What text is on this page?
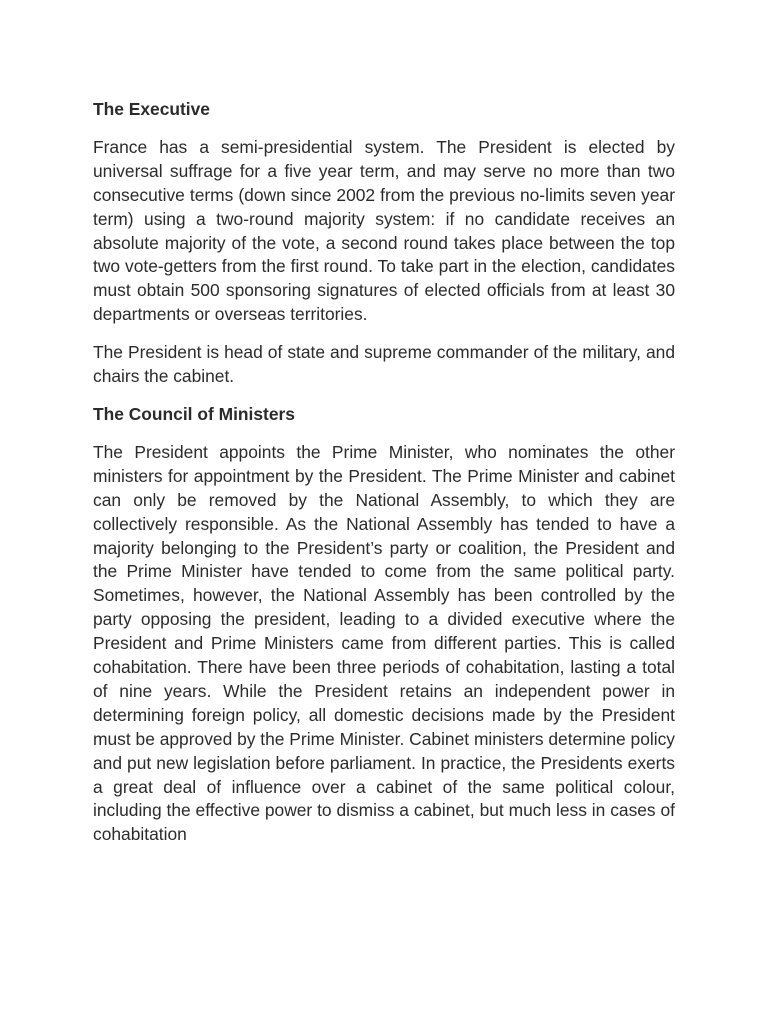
The Executive

France has a semi-presidential system. The President is elected by universal suffrage for a five year term, and may serve no more than two consecutive terms (down since 2002 from the previous no-limits seven year term) using a two-round majority system: if no candidate receives an absolute majority of the vote, a second round takes place between the top two vote-getters from the first round. To take part in the election, candidates must obtain 500 sponsoring signatures of elected officials from at least 30 departments or overseas territories.

The President is head of state and supreme commander of the military, and chairs the cabinet.

The Council of Ministers

The President appoints the Prime Minister, who nominates the other ministers for appointment by the President. The Prime Minister and cabinet can only be removed by the National Assembly, to which they are collectively responsible. As the National Assembly has tended to have a majority belonging to the President’s party or coalition, the President and the Prime Minister have tended to come from the same political party. Sometimes, however, the National Assembly has been controlled by the party opposing the president, leading to a divided executive where the President and Prime Ministers came from different parties. This is called cohabitation. There have been three periods of cohabitation, lasting a total of nine years. While the President retains an independent power in determining foreign policy, all domestic decisions made by the President must be approved by the Prime Minister. Cabinet ministers determine policy and put new legislation before parliament. In practice, the Presidents exerts a great deal of influence over a cabinet of the same political colour, including the effective power to dismiss a cabinet, but much less in cases of cohabitation
